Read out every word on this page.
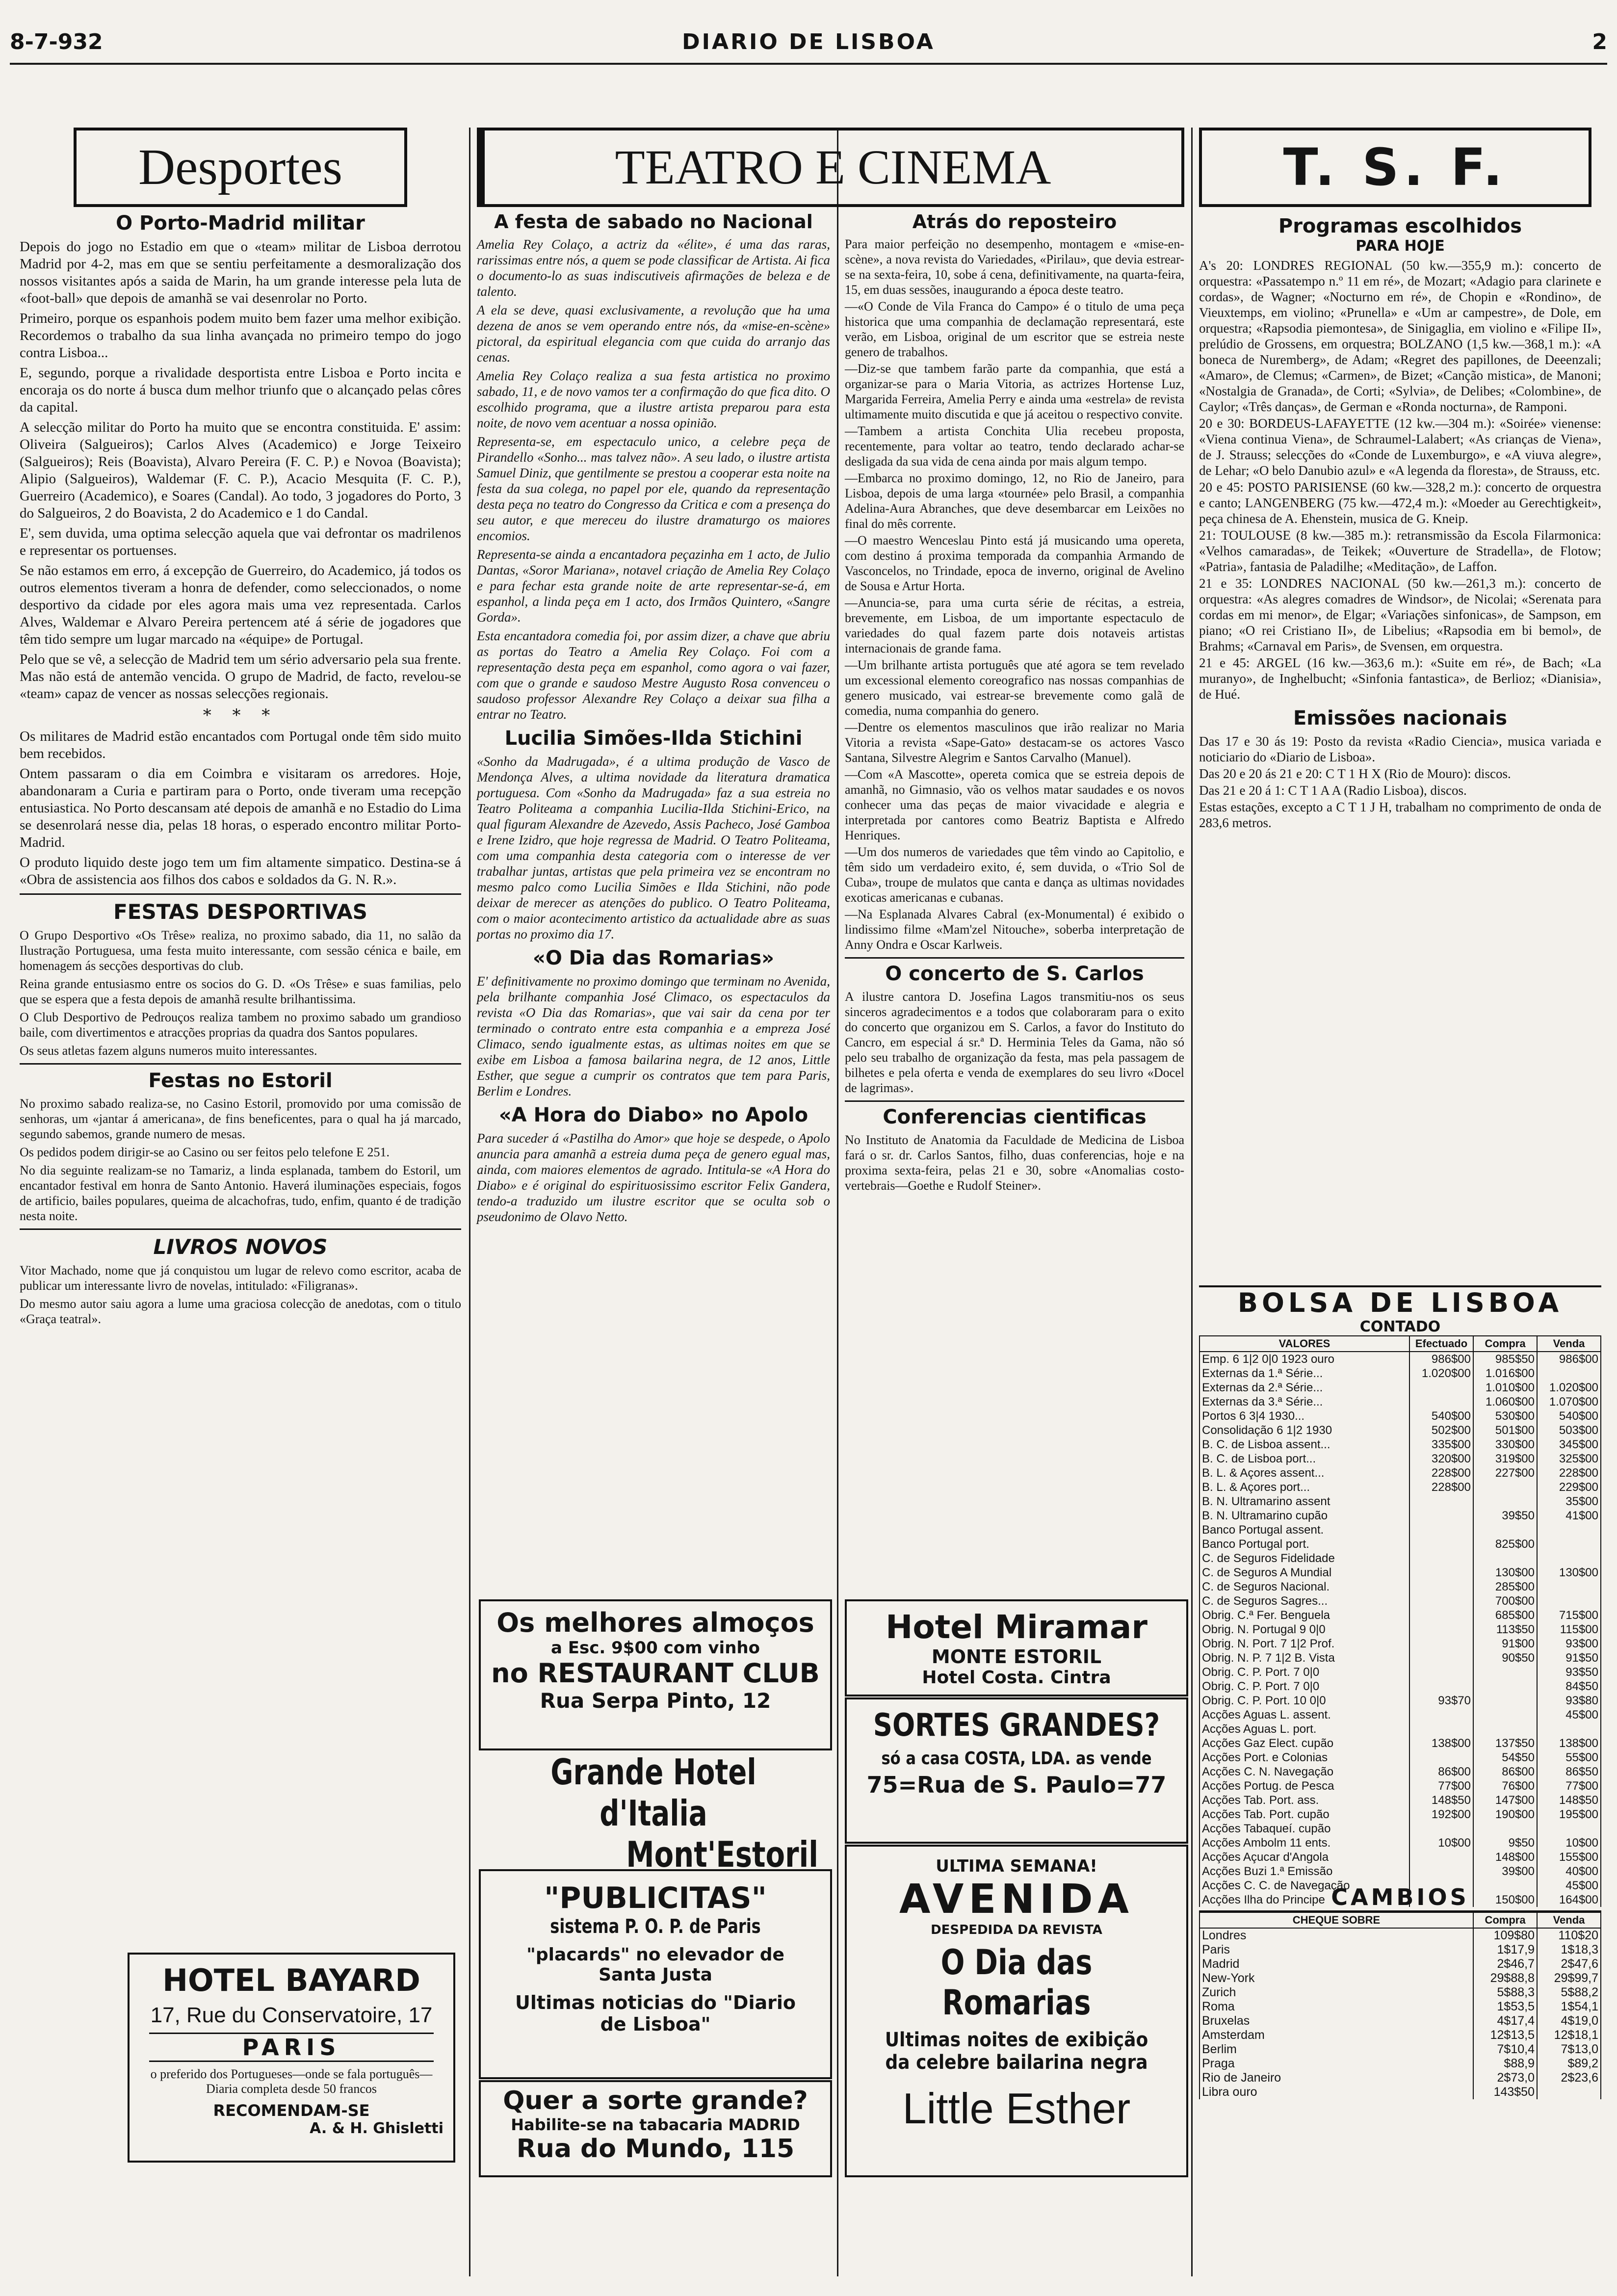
8-7-932	DIARIO DE LISBOA	2
Desportes
O Porto-Madrid militar

Depois do jogo no Estadio em que o «team» militar de Lisboa derrotou Madrid por 4-2, mas em que se sentiu perfeitamente a desmoralização dos nossos visitantes após a saida de Marin, ha um grande interesse pela luta de «foot-ball» que depois de amanhã se vai desenrolar no Porto.

Primeiro, porque os espanhois podem muito bem fazer uma melhor exibição. Recordemos o trabalho da sua linha avançada no primeiro tempo do jogo contra Lisboa...

E, segundo, porque a rivalidade desportista entre Lisboa e Porto incita e encoraja os do norte á busca dum melhor triunfo que o alcançado pelas côres da capital.

A selecção militar do Porto ha muito que se encontra constituida. E' assim: Oliveira (Salgueiros); Carlos Alves (Academico) e Jorge Teixeiro (Salgueiros); Reis (Boavista), Alvaro Pereira (F. C. P.) e Novoa (Boavista); Alipio (Salgueiros), Waldemar (F. C. P.), Acacio Mesquita (F. C. P.), Guerreiro (Academico), e Soares (Candal). Ao todo, 3 jogadores do Porto, 3 do Salgueiros, 2 do Boavista, 2 do Academico e 1 do Candal.

E', sem duvida, uma optima selecção aquela que vai defrontar os madrilenos e representar os portuenses.

Se não estamos em erro, á excepção de Guerreiro, do Academico, já todos os outros elementos tiveram a honra de defender, como seleccionados, o nome desportivo da cidade por eles agora mais uma vez representada. Carlos Alves, Waldemar e Alvaro Pereira pertencem até á série de jogadores que têm tido sempre um lugar marcado na «équipe» de Portugal.

Pelo que se vê, a selecção de Madrid tem um sério adversario pela sua frente. Mas não está de antemão vencida. O grupo de Madrid, de facto, revelou-se «team» capaz de vencer as nossas selecções regionais.

* * *

Os militares de Madrid estão encantados com Portugal onde têm sido muito bem recebidos.

Ontem passaram o dia em Coimbra e visitaram os arredores. Hoje, abandonaram a Curia e partiram para o Porto, onde tiveram uma recepção entusiastica. No Porto descansam até depois de amanhã e no Estadio do Lima se desenrolará nesse dia, pelas 18 horas, o esperado encontro militar Porto-Madrid.

O produto liquido deste jogo tem um fim altamente simpatico. Destina-se á «Obra de assistencia aos filhos dos cabos e soldados da G. N. R.».

FESTAS DESPORTIVAS

O Grupo Desportivo «Os Trêse» realiza, no proximo sabado, dia 11, no salão da Ilustração Portuguesa, uma festa muito interessante, com sessão cénica e baile, em homenagem ás secções desportivas do club.

Reina grande entusiasmo entre os socios do G. D. «Os Trêse» e suas familias, pelo que se espera que a festa depois de amanhã resulte brilhantissima.

O Club Desportivo de Pedrouços realiza tambem no proximo sabado um grandioso baile, com divertimentos e atracções proprias da quadra dos Santos populares.

Os seus atletas fazem alguns numeros muito interessantes.

Festas no Estoril

No proximo sabado realiza-se, no Casino Estoril, promovido por uma comissão de senhoras, um «jantar á americana», de fins beneficentes, para o qual ha já marcado, segundo sabemos, grande numero de mesas.

Os pedidos podem dirigir-se ao Casino ou ser feitos pelo telefone E 251.

No dia seguinte realizam-se no Tamariz, a linda esplanada, tambem do Estoril, um encantador festival em honra de Santo Antonio. Haverá iluminações especiais, fogos de artificio, bailes populares, queima de alcachofras, tudo, enfim, quanto é de tradição nesta noite.

LIVROS NOVOS

Vitor Machado, nome que já conquistou um lugar de relevo como escritor, acaba de publicar um interessante livro de novelas, intitulado: «Filigranas».

Do mesmo autor saiu agora a lume uma graciosa colecção de anedotas, com o titulo «Graça teatral».

HOTEL BAYARD
17, Rue du Conservatoire, 17
PARIS
o preferido dos Portugueses—onde se fala português—Diaria completa desde 50 francos
RECOMENDAM-SE
A. & H. Ghisletti
TEATRO E CINEMA
A festa de sabado no Nacional

Amelia Rey Colaço, a actriz da «élite», é uma das raras, rarissimas entre nós, a quem se pode classificar de Artista. Ai fica o documento-lo as suas indiscutiveis afirmações de beleza e de talento.

A ela se deve, quasi exclusivamente, a revolução que ha uma dezena de anos se vem operando entre nós, da «mise-en-scène» pictoral, da espiritual elegancia com que cuida do arranjo das cenas.

Amelia Rey Colaço realiza a sua festa artistica no proximo sabado, 11, e de novo vamos ter a confirmação do que fica dito. O escolhido programa, que a ilustre artista preparou para esta noite, de novo vem acentuar a nossa opinião.

Representa-se, em espectaculo unico, a celebre peça de Pirandello «Sonho... mas talvez não». A seu lado, o ilustre artista Samuel Diniz, que gentilmente se prestou a cooperar esta noite na festa da sua colega, no papel por ele, quando da representação desta peça no teatro do Congresso da Critica e com a presença do seu autor, e que mereceu do ilustre dramaturgo os maiores encomios.

Representa-se ainda a encantadora peçazinha em 1 acto, de Julio Dantas, «Soror Mariana», notavel criação de Amelia Rey Colaço e para fechar esta grande noite de arte representar-se-á, em espanhol, a linda peça em 1 acto, dos Irmãos Quintero, «Sangre Gorda».

Esta encantadora comedia foi, por assim dizer, a chave que abriu as portas do Teatro a Amelia Rey Colaço. Foi com a representação desta peça em espanhol, como agora o vai fazer, com que o grande e saudoso Mestre Augusto Rosa convenceu o saudoso professor Alexandre Rey Colaço a deixar sua filha a entrar no Teatro.

Lucilia Simões-Ilda Stichini

«Sonho da Madrugada», é a ultima produção de Vasco de Mendonça Alves, a ultima novidade da literatura dramatica portuguesa. Com «Sonho da Madrugada» faz a sua estreia no Teatro Politeama a companhia Lucilia-Ilda Stichini-Erico, na qual figuram Alexandre de Azevedo, Assis Pacheco, José Gamboa e Irene Izidro, que hoje regressa de Madrid. O Teatro Politeama, com uma companhia desta categoria com o interesse de ver trabalhar juntas, artistas que pela primeira vez se encontram no mesmo palco como Lucilia Simões e Ilda Stichini, não pode deixar de merecer as atenções do publico. O Teatro Politeama, com o maior acontecimento artistico da actualidade abre as suas portas no proximo dia 17.

«O Dia das Romarias»

E' definitivamente no proximo domingo que terminam no Avenida, pela brilhante companhia José Climaco, os espectaculos da revista «O Dia das Romarias», que vai sair da cena por ter terminado o contrato entre esta companhia e a empreza José Climaco, sendo igualmente estas, as ultimas noites em que se exibe em Lisboa a famosa bailarina negra, de 12 anos, Little Esther, que segue a cumprir os contratos que tem para Paris, Berlim e Londres.

«A Hora do Diabo» no Apolo

Para suceder á «Pastilha do Amor» que hoje se despede, o Apolo anuncia para amanhã a estreia duma peça de genero egual mas, ainda, com maiores elementos de agrado. Intitula-se «A Hora do Diabo» e é original do espirituosissimo escritor Felix Gandera, tendo-a traduzido um ilustre escritor que se oculta sob o pseudonimo de Olavo Netto.

Atrás do reposteiro

Para maior perfeição no desempenho, montagem e «mise-en-scène», a nova revista do Variedades, «Pirilau», que devia estrear-se na sexta-feira, 10, sobe á cena, definitivamente, na quarta-feira, 15, em duas sessões, inaugurando a época deste teatro.

—«O Conde de Vila Franca do Campo» é o titulo de uma peça historica que uma companhia de declamação representará, este verão, em Lisboa, original de um escritor que se estreia neste genero de trabalhos.

—Diz-se que tambem farão parte da companhia, que está a organizar-se para o Maria Vitoria, as actrizes Hortense Luz, Margarida Ferreira, Amelia Perry e ainda uma «estrela» de revista ultimamente muito discutida e que já aceitou o respectivo convite.

—Tambem a artista Conchita Ulia recebeu proposta, recentemente, para voltar ao teatro, tendo declarado achar-se desligada da sua vida de cena ainda por mais algum tempo.

—Embarca no proximo domingo, 12, no Rio de Janeiro, para Lisboa, depois de uma larga «tournée» pelo Brasil, a companhia Adelina-Aura Abranches, que deve desembarcar em Leixões no final do mês corrente.

—O maestro Wenceslau Pinto está já musicando uma opereta, com destino á proxima temporada da companhia Armando de Vasconcelos, no Trindade, epoca de inverno, original de Avelino de Sousa e Artur Horta.

—Anuncia-se, para uma curta série de récitas, a estreia, brevemente, em Lisboa, de um importante espectaculo de variedades do qual fazem parte dois notaveis artistas internacionais de grande fama.

—Um brilhante artista português que até agora se tem revelado um excessional elemento coreografico nas nossas companhias de genero musicado, vai estrear-se brevemente como galã de comedia, numa companhia do genero.

—Dentre os elementos masculinos que irão realizar no Maria Vitoria a revista «Sape-Gato» destacam-se os actores Vasco Santana, Silvestre Alegrim e Santos Carvalho (Manuel).

—Com «A Mascotte», opereta comica que se estreia depois de amanhã, no Gimnasio, vão os velhos matar saudades e os novos conhecer uma das peças de maior vivacidade e alegria e interpretada por cantores como Beatriz Baptista e Alfredo Henriques.

—Um dos numeros de variedades que têm vindo ao Capitolio, e têm sido um verdadeiro exito, é, sem duvida, o «Trio Sol de Cuba», troupe de mulatos que canta e dança as ultimas novidades exoticas americanas e cubanas.

—Na Esplanada Alvares Cabral (ex-Monumental) é exibido o lindissimo filme «Mam'zel Nitouche», soberba interpretação de Anny Ondra e Oscar Karlweis.

O concerto de S. Carlos

A ilustre cantora D. Josefina Lagos transmitiu-nos os seus sinceros agradecimentos e a todos que colaboraram para o exito do concerto que organizou em S. Carlos, a favor do Instituto do Cancro, em especial á sr.ª D. Herminia Teles da Gama, não só pelo seu trabalho de organização da festa, mas pela passagem de bilhetes e pela oferta e venda de exemplares do seu livro «Docel de lagrimas».

Conferencias cientificas

No Instituto de Anatomia da Faculdade de Medicina de Lisboa fará o sr. dr. Carlos Santos, filho, duas conferencias, hoje e na proxima sexta-feira, pelas 21 e 30, sobre «Anomalias costo-vertebrais—Goethe e Rudolf Steiner».

Os melhores almoços
a Esc. 9$00 com vinho
no RESTAURANT CLUB
Rua Serpa Pinto, 12
Grande Hotel d'Italia
Mont'Estoril
"PUBLICITAS"
sistema P. O. P. de Paris
"placards" no elevador de Santa Justa
Ultimas noticias do "Diario de Lisboa"
Quer a sorte grande?
Habilite-se na tabacaria MADRID
Rua do Mundo, 115
Hotel Miramar
MONTE ESTORIL
Hotel Costa. Cintra
SORTES GRANDES?
só a casa COSTA, LDA. as vende
75=Rua de S. Paulo=77
ULTIMA SEMANA!
AVENIDA
DESPEDIDA DA REVISTA
O Dia das Romarias
Ultimas noites de exibição da celebre bailarina negra
Little Esther
T. S. F.
Programas escolhidos
PARA HOJE

A's 20: LONDRES REGIONAL (50 kw.—355,9 m.): concerto de orquestra: «Passatempo n.º 11 em ré», de Mozart; «Adagio para clarinete e cordas», de Wagner; «Nocturno em ré», de Chopin e «Rondino», de Vieuxtemps, em violino; «Prunella» e «Um ar campestre», de Dole, em orquestra; «Rapsodia piemontesa», de Sinigaglia, em violino e «Filipe II», prelúdio de Grossens, em orquestra; BOLZANO (1,5 kw.—368,1 m.): «A boneca de Nuremberg», de Adam; «Regret des papillones, de Deeenzali; «Amaro», de Clemus; «Carmen», de Bizet; «Canção mistica», de Manoni; «Nostalgia de Granada», de Corti; «Sylvia», de Delibes; «Colombine», de Caylor; «Três danças», de German e «Ronda nocturna», de Ramponi.

20 e 30: BORDEUS-LAFAYETTE (12 kw.—304 m.): «Soirée» vienense: «Viena continua Viena», de Schraumel-Lalabert; «As crianças de Viena», de J. Strauss; selecções do «Conde de Luxemburgo», e «A viuva alegre», de Lehar; «O belo Danubio azul» e «A legenda da floresta», de Strauss, etc.

20 e 45: POSTO PARISIENSE (60 kw.—328,2 m.): concerto de orquestra e canto; LANGENBERG (75 kw.—472,4 m.): «Moeder au Gerechtigkeit», peça chinesa de A. Ehenstein, musica de G. Kneip.

21: TOULOUSE (8 kw.—385 m.): retransmissão da Escola Filarmonica: «Velhos camaradas», de Teikek; «Ouverture de Stradella», de Flotow; «Patria», fantasia de Paladilhe; «Meditação», de Laffon.

21 e 35: LONDRES NACIONAL (50 kw.—261,3 m.): concerto de orquestra: «As alegres comadres de Windsor», de Nicolai; «Serenata para cordas em mi menor», de Elgar; «Variações sinfonicas», de Sampson, em piano; «O rei Cristiano II», de Libelius; «Rapsodia em bi bemol», de Brahms; «Carnaval em Paris», de Svensen, em orquestra.

21 e 45: ARGEL (16 kw.—363,6 m.): «Suite em ré», de Bach; «La muranyo», de Inghelbucht; «Sinfonia fantastica», de Berlioz; «Dianisia», de Hué.

Emissões nacionais

Das 17 e 30 ás 19: Posto da revista «Radio Ciencia», musica variada e noticiario do «Diario de Lisboa».

Das 20 e 20 ás 21 e 20: C T 1 H X (Rio de Mouro): discos.

Das 21 e 20 á 1: C T 1 A A (Radio Lisboa), discos.

Estas estações, excepto a C T 1 J H, trabalham no comprimento de onda de 283,6 metros.

BOLSA DE LISBOA
CONTADO
VALORES	Efectuado	Compra	Venda
Emp. 6 1|2 0|0 1923 ouro	986$00	985$50	986$00
Externas da 1.ª Série...	1.020$00	1.016$00	
Externas da 2.ª Série...		1.010$00	1.020$00
Externas da 3.ª Série...		1.060$00	1.070$00
Portos 6 3|4 1930...	540$00	530$00	540$00
Consolidação 6 1|2 1930	502$00	501$00	503$00
B. C. de Lisboa assent...	335$00	330$00	345$00
B. C. de Lisboa port...	320$00	319$00	325$00
B. L. & Açores assent...	228$00	227$00	228$00
B. L. & Açores port...	228$00		229$00
B. N. Ultramarino assent			35$00
B. N. Ultramarino cupão		39$50	41$00
Banco Portugal assent.			
Banco Portugal port.		825$00	
C. de Seguros Fidelidade			
C. de Seguros A Mundial		130$00	130$00
C. de Seguros Nacional.		285$00	
C. de Seguros Sagres...		700$00	
Obrig. C.ª Fer. Benguela		685$00	715$00
Obrig. N. Portugal 9 0|0		113$50	115$00
Obrig. N. Port. 7 1|2 Prof.		91$00	93$00
Obrig. N. P. 7 1|2 B. Vista		90$50	91$50
Obrig. C. P. Port. 7 0|0			93$50
Obrig. C. P. Port. 7 0|0			84$50
Obrig. C. P. Port. 10 0|0	93$70		93$80
Acções Aguas L. assent.			45$00
Acções Aguas L. port.			
Acções Gaz Elect. cupão	138$00	137$50	138$00
Acções Port. e Colonias		54$50	55$00
Acções C. N. Navegação	86$00	86$00	86$50
Acções Portug. de Pesca	77$00	76$00	77$00
Acções Tab. Port. ass.	148$50	147$00	148$50
Acções Tab. Port. cupão	192$00	190$00	195$00
Acções Tabaqueí. cupão			
Acções Ambolm 11 ents.	10$00	9$50	10$00
Acções Açucar d'Angola		148$00	155$00
Acções Buzi 1.ª Emissão		39$00	40$00
Acções C. C. de Navegação			45$00
Acções Ilha do Principe		150$00	164$00
CAMBIOS
CHEQUE SOBRE	Compra	Venda
Londres	109$80	110$20
Paris	1$17,9	1$18,3
Madrid	2$46,7	2$47,6
New-York	29$88,8	29$99,7
Zurich	5$88,3	5$88,2
Roma	1$53,5	1$54,1
Bruxelas	4$17,4	4$19,0
Amsterdam	12$13,5	12$18,1
Berlim	7$10,4	7$13,0
Praga	$88,9	$89,2
Rio de Janeiro	2$73,0	2$23,6
Libra ouro	143$50	
